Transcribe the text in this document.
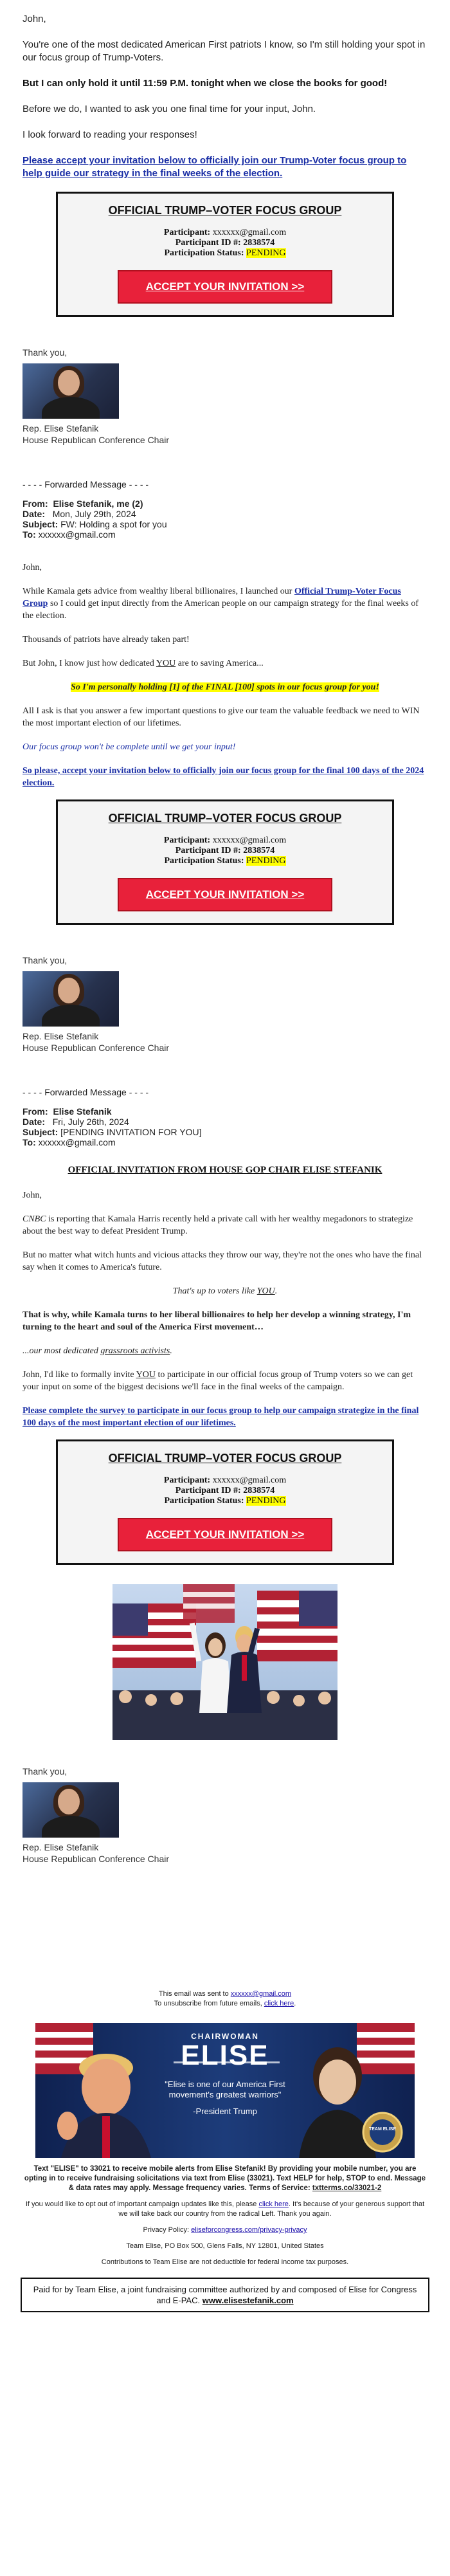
John,

You're one of the most dedicated American First patriots I know, so I'm still holding your spot in our focus group of Trump-Voters.

But I can only hold it until 11:59 P.M. tonight when we close the books for good!

Before we do, I wanted to ask you one final time for your input, John.

I look forward to reading your responses!

Please accept your invitation below to officially join our Trump-Voter focus group to help guide our strategy in the final weeks of the election.

OFFICIAL TRUMP–VOTER FOCUS GROUP
Participant: xxxxxx@gmail.com
Participant ID #: 2838574
Participation Status: PENDING
ACCEPT YOUR INVITATION >>

Thank you,

Rep. Elise Stefanik

House Republican Conference Chair

- - - - Forwarded Message - - - -

From: Elise Stefanik, me (2)
Date: Mon, July 29th, 2024
Subject: FW: Holding a spot for you
To: xxxxxx@gmail.com

John,

While Kamala gets advice from wealthy liberal billionaires, I launched our Official Trump-Voter Focus Group so I could get input directly from the American people on our campaign strategy for the final weeks of the election.

Thousands of patriots have already taken part!

But John, I know just how dedicated YOU are to saving America...

So I'm personally holding [1] of the FINAL [100] spots in our focus group for you!

All I ask is that you answer a few important questions to give our team the valuable feedback we need to WIN the most important election of our lifetimes.

Our focus group won't be complete until we get your input!

So please, accept your invitation below to officially join our focus group for the final 100 days of the 2024 election.

OFFICIAL TRUMP–VOTER FOCUS GROUP
Participant: xxxxxx@gmail.com
Participant ID #: 2838574
Participation Status: PENDING
ACCEPT YOUR INVITATION >>

Thank you,

Rep. Elise Stefanik

House Republican Conference Chair

- - - - Forwarded Message - - - -

From: Elise Stefanik
Date: Fri, July 26th, 2024
Subject: [PENDING INVITATION FOR YOU]
To: xxxxxx@gmail.com

OFFICIAL INVITATION FROM HOUSE GOP CHAIR ELISE STEFANIK

John,

CNBC is reporting that Kamala Harris recently held a private call with her wealthy megadonors to strategize about the best way to defeat President Trump.

But no matter what witch hunts and vicious attacks they throw our way, they're not the ones who have the final say when it comes to America's future.

That's up to voters like YOU.

That is why, while Kamala turns to her liberal billionaires to help her develop a winning strategy, I'm turning to the heart and soul of the America First movement…

...our most dedicated grassroots activists.

John, I'd like to formally invite YOU to participate in our official focus group of Trump voters so we can get your input on some of the biggest decisions we'll face in the final weeks of the campaign.

Please complete the survey to participate in our focus group to help our campaign strategize in the final 100 days of the most important election of our lifetimes.

OFFICIAL TRUMP–VOTER FOCUS GROUP
Participant: xxxxxx@gmail.com
Participant ID #: 2838574
Participation Status: PENDING
ACCEPT YOUR INVITATION >>

Thank you,

Rep. Elise Stefanik

House Republican Conference Chair

This email was sent to xxxxxx@gmail.com

To unsubscribe from future emails, click here.

CHAIRWOMAN
ELISE
"Elise is one of our America First movement's greatest warriors"
-President Trump
TEAM ELISE

Text "ELISE" to 33021 to receive mobile alerts from Elise Stefanik! By providing your mobile number, you are opting in to receive fundraising solicitations via text from Elise (33021). Text HELP for help, STOP to end. Message & data rates may apply. Message frequency varies. Terms of Service: txtterms.co/33021-2

If you would like to opt out of important campaign updates like this, please click here. It's because of your generous support that we will take back our country from the radical Left. Thank you again.

Privacy Policy: eliseforcongress.com/privacy-privacy

Team Elise, PO Box 500, Glens Falls, NY 12801, United States

Contributions to Team Elise are not deductible for federal income tax purposes.

Paid for by Team Elise, a joint fundraising committee authorized by and composed of Elise for Congress and E-PAC. www.elisestefanik.com
